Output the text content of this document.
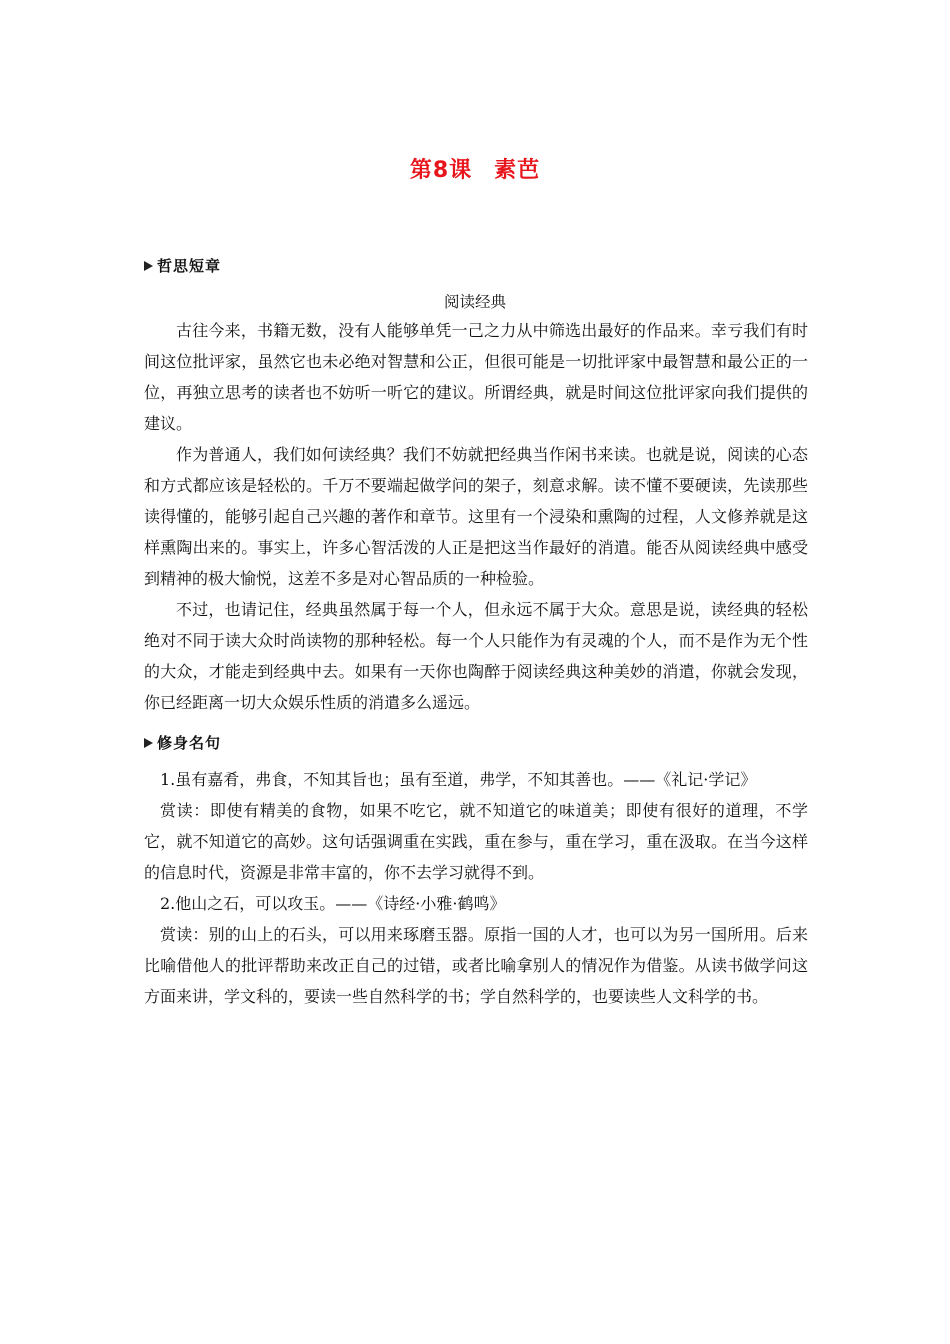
第8课 素芭
哲思短章
阅读经典

古往今来，书籍无数，没有人能够单凭一己之力从中筛选出最好的作品来。幸亏我们有时间这位批评家，虽然它也未必绝对智慧和公正，但很可能是一切批评家中最智慧和最公正的一位，再独立思考的读者也不妨听一听它的建议。所谓经典，就是时间这位批评家向我们提供的建议。

作为普通人，我们如何读经典？我们不妨就把经典当作闲书来读。也就是说，阅读的心态和方式都应该是轻松的。千万不要端起做学问的架子，刻意求解。读不懂不要硬读，先读那些读得懂的，能够引起自己兴趣的著作和章节。这里有一个浸染和熏陶的过程，人文修养就是这样熏陶出来的。事实上，许多心智活泼的人正是把这当作最好的消遣。能否从阅读经典中感受到精神的极大愉悦，这差不多是对心智品质的一种检验。

不过，也请记住，经典虽然属于每一个人，但永远不属于大众。意思是说，读经典的轻松绝对不同于读大众时尚读物的那种轻松。每一个人只能作为有灵魂的个人，而不是作为无个性的大众，才能走到经典中去。如果有一天你也陶醉于阅读经典这种美妙的消遣，你就会发现，你已经距离一切大众娱乐性质的消遣多么遥远。

修身名句

1.虽有嘉肴，弗食，不知其旨也；虽有至道，弗学，不知其善也。——《礼记·学记》

赏读：即使有精美的食物，如果不吃它，就不知道它的味道美；即使有很好的道理，不学它，就不知道它的高妙。这句话强调重在实践，重在参与，重在学习，重在汲取。在当今这样的信息时代，资源是非常丰富的，你不去学习就得不到。

2.他山之石，可以攻玉。——《诗经·小雅·鹤鸣》

赏读：别的山上的石头，可以用来琢磨玉器。原指一国的人才，也可以为另一国所用。后来比喻借他人的批评帮助来改正自己的过错，或者比喻拿别人的情况作为借鉴。从读书做学问这方面来讲，学文科的，要读一些自然科学的书；学自然科学的，也要读些人文科学的书。
